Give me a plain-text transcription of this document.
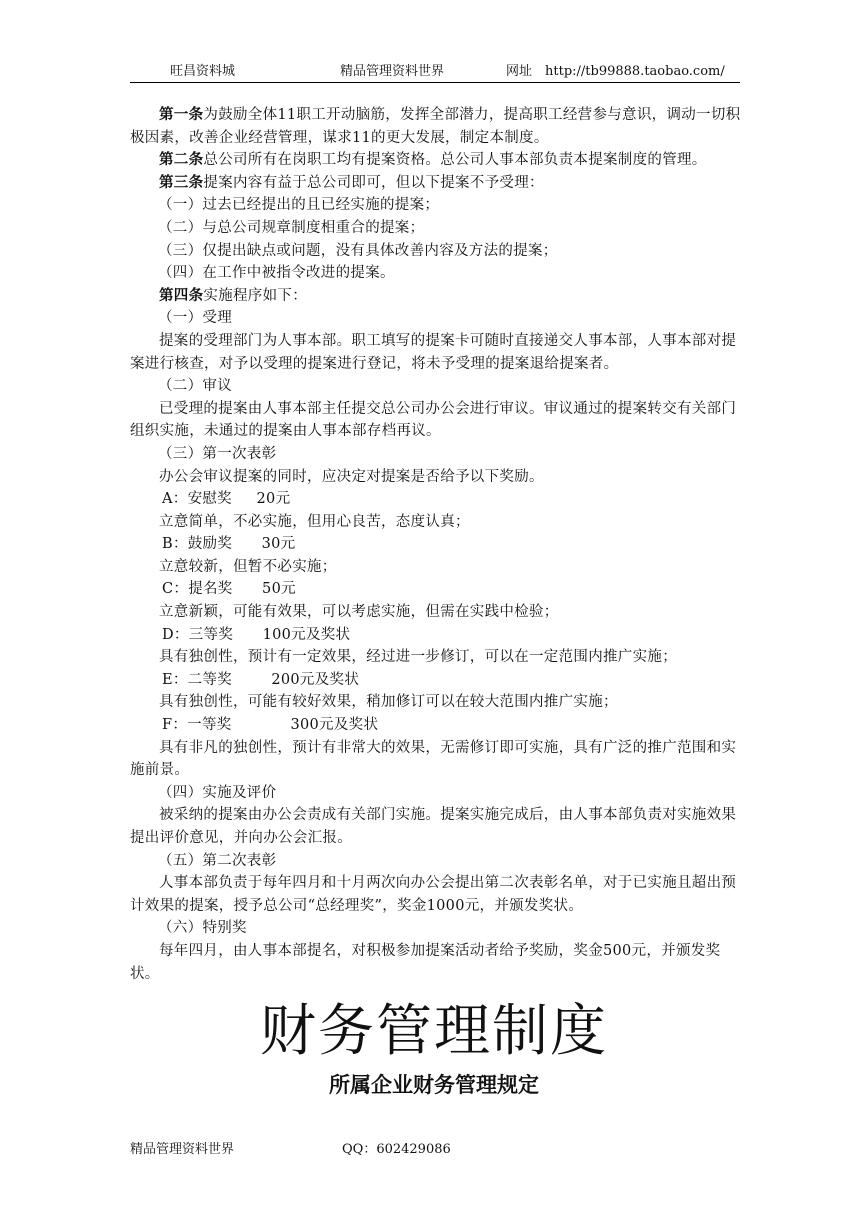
旺昌资料城	精品管理资料世界	网址　http://tb99888.taobao.com/

第一条为鼓励全体11职工开动脑筋，发挥全部潜力，提高职工经营参与意识，调动一切积极因素，改善企业经营管理，谋求11的更大发展，制定本制度。

第二条总公司所有在岗职工均有提案资格。总公司人事本部负责本提案制度的管理。

第三条提案内容有益于总公司即可，但以下提案不予受理：

（一）过去已经提出的且已经实施的提案；

（二）与总公司规章制度相重合的提案；

（三）仅提出缺点或问题，没有具体改善内容及方法的提案；

（四）在工作中被指令改进的提案。

第四条实施程序如下：

（一）受理

提案的受理部门为人事本部。职工填写的提案卡可随时直接递交人事本部，人事本部对提案进行核查，对予以受理的提案进行登记，将未予受理的提案退给提案者。

（二）审议

已受理的提案由人事本部主任提交总公司办公会进行审议。审议通过的提案转交有关部门组织实施，未通过的提案由人事本部存档再议。

（三）第一次表彰

办公会审议提案的同时，应决定对提案是否给予以下奖励。

A：安慰奖     20元

立意简单，不必实施，但用心良苦，态度认真；

B：鼓励奖      30元

立意较新，但暂不必实施；

C：提名奖      50元

立意新颖，可能有效果，可以考虑实施，但需在实践中检验；

D：三等奖      100元及奖状

具有独创性，预计有一定效果，经过进一步修订，可以在一定范围内推广实施；

E：二等奖        200元及奖状

具有独创性，可能有较好效果，稍加修订可以在较大范围内推广实施；

F：一等奖            300元及奖状

具有非凡的独创性，预计有非常大的效果，无需修订即可实施，具有广泛的推广范围和实施前景。

（四）实施及评价

被采纳的提案由办公会责成有关部门实施。提案实施完成后，由人事本部负责对实施效果提出评价意见，并向办公会汇报。

（五）第二次表彰

人事本部负责于每年四月和十月两次向办公会提出第二次表彰名单，对于已实施且超出预计效果的提案，授予总公司“总经理奖”，奖金1000元，并颁发奖状。

（六）特别奖

每年四月，由人事本部提名，对积极参加提案活动者给予奖励，奖金500元，并颁发奖状。

财务管理制度
所属企业财务管理规定
精品管理资料世界	QQ：602429086
